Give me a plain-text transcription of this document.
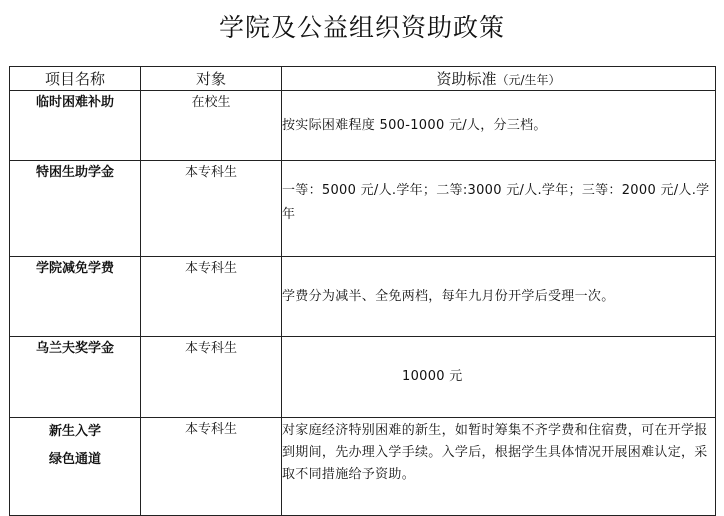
学院及公益组织资助政策
项目名称	对象	资助标准（元/生年）
临时困难补助	在校生	按实际困难程度 500-1000 元/人，分三档。
特困生助学金	本专科生	一等：5000 元/人.学年；二等:3000 元/人.学年；三等：2000 元/人.学年
学院减免学费	本专科生	学费分为减半、全免两档，每年九月份开学后受理一次。
乌兰夫奖学金	本专科生	10000 元

新生入学
绿色通道	本专科生	对家庭经济特别困难的新生，如暂时筹集不齐学费和住宿费，可在开学报到期间，先办理入学手续。入学后，根据学生具体情况开展困难认定，采取不同措施给予资助。
